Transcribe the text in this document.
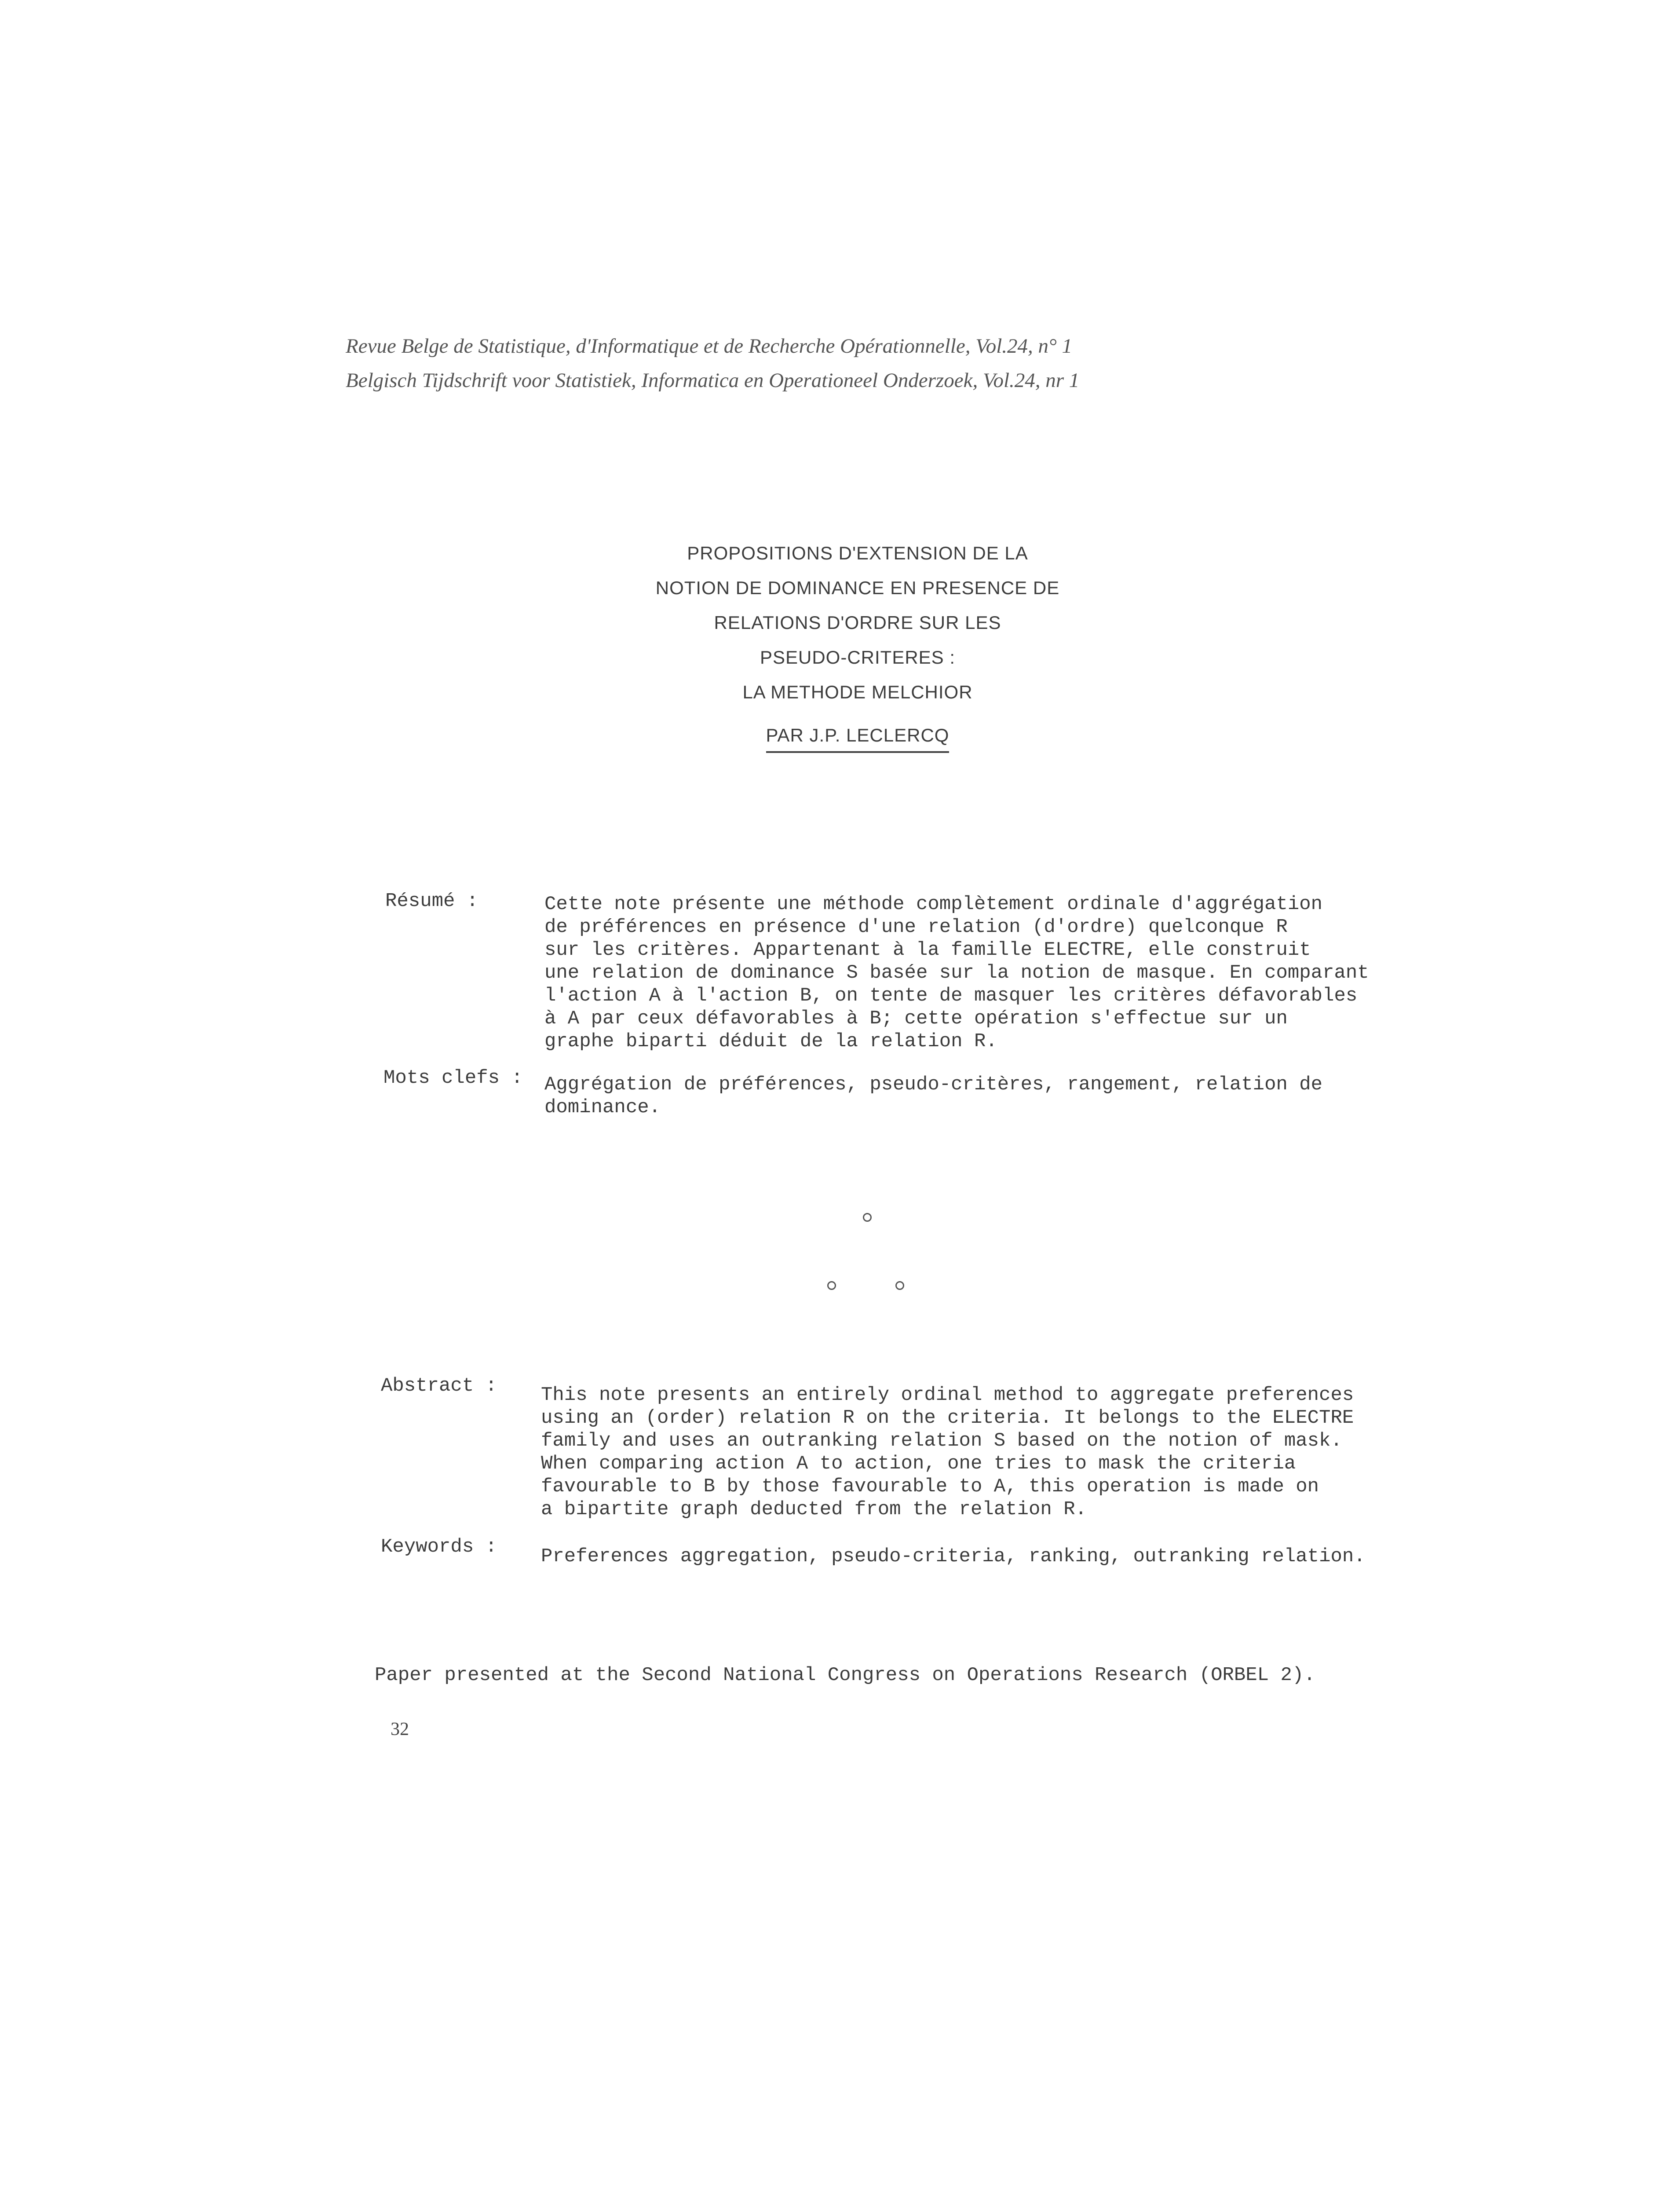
Revue Belge de Statistique, d'Informatique et de Recherche Opérationnelle, Vol.24, n° 1
Belgisch Tijdschrift voor Statistiek, Informatica en Operationeel Onderzoek, Vol.24, nr 1
PROPOSITIONS D'EXTENSION DE LA
NOTION DE DOMINANCE EN PRESENCE DE
RELATIONS D'ORDRE SUR LES
PSEUDO-CRITERES :
LA METHODE MELCHIOR
PAR J.P. LECLERCQ
Résumé :	Cette note présente une méthode complètement ordinale d'aggrégation
de préférences en présence d'une relation (d'ordre) quelconque R
sur les critères. Appartenant à la famille ELECTRE, elle construit
une relation de dominance S basée sur la notion de masque. En comparant
l'action A à l'action B, on tente de masquer les critères défavorables
à A par ceux défavorables à B; cette opération s'effectue sur un
graphe biparti déduit de la relation R.
Mots clefs : Aggrégation de préférences, pseudo-critères, rangement, relation de
dominance.
Abstract : This note presents an entirely ordinal method to aggregate preferences
using an (order) relation R on the criteria. It belongs to the ELECTRE
family and uses an outranking relation S based on the notion of mask.
When comparing action A to action, one tries to mask the criteria
favourable to B by those favourable to A, this operation is made on
a bipartite graph deducted from the relation R.
Keywords : Preferences aggregation, pseudo-criteria, ranking, outranking relation.
Paper presented at the Second National Congress on Operations Research (ORBEL 2).
32
